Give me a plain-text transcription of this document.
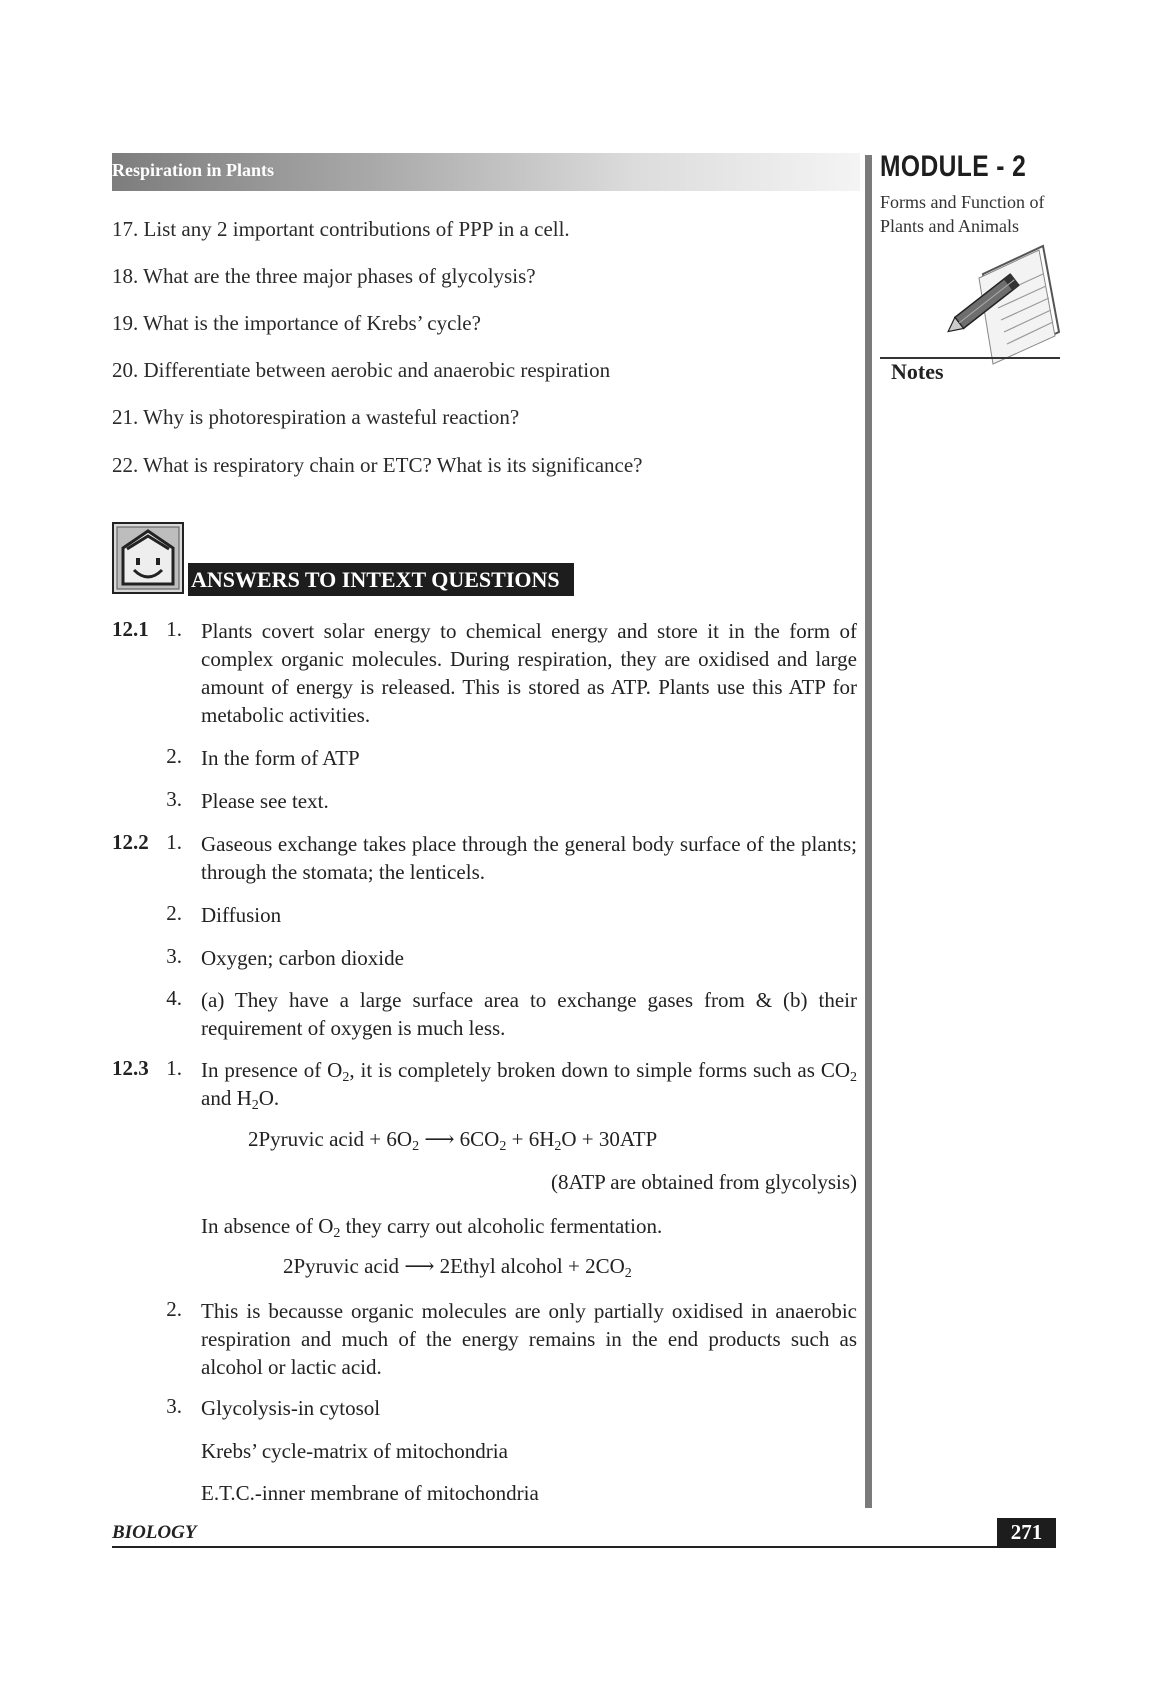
Respiration in Plants	MODULE - 2
Forms and Function of
Plants and Animals
Notes
17. List any 2 important contributions of PPP in a cell.
18. What are the three major phases of glycolysis?
19. What is the importance of Krebs’ cycle?
20. Differentiate between aerobic and anaerobic respiration
21. Why is photorespiration a wasteful reaction?
22. What is respiratory chain or ETC? What is its significance?
ANSWERS TO INTEXT QUESTIONS
12.1 1. Plants covert solar energy to chemical energy and store it in the form of complex organic molecules. During respiration, they are oxidised and large amount of energy is released. This is stored as ATP. Plants use this ATP for metabolic activities.
2. In the form of ATP
3. Please see text.
12.2 1. Gaseous exchange takes place through the general body surface of the plants; through the stomata; the lenticels.
2. Diffusion
3. Oxygen; carbon dioxide
4. (a) They have a large surface area to exchange gases from & (b) their requirement of oxygen is much less.
12.3 1. In presence of $O_2$, it is completely broken down to simple forms such as $CO_2$ and $H_2O$.
2Pyruvic acid + $6O_2$ ⟶ $6CO_2 + 6H_2O + 30ATP$
(8ATP are obtained from glycolysis)
In absence of $O_2$ they carry out alcoholic fermentation.
2Pyruvic acid ⟶ 2Ethyl alcohol + $2CO_2$
2. This is becausse organic molecules are only partially oxidised in anaerobic respiration and much of the energy remains in the end products such as alcohol or lactic acid.
3. Glycolysis-in cytosol
Krebs’ cycle-matrix of mitochondria
E.T.C.-inner membrane of mitochondria
BIOLOGY	271
